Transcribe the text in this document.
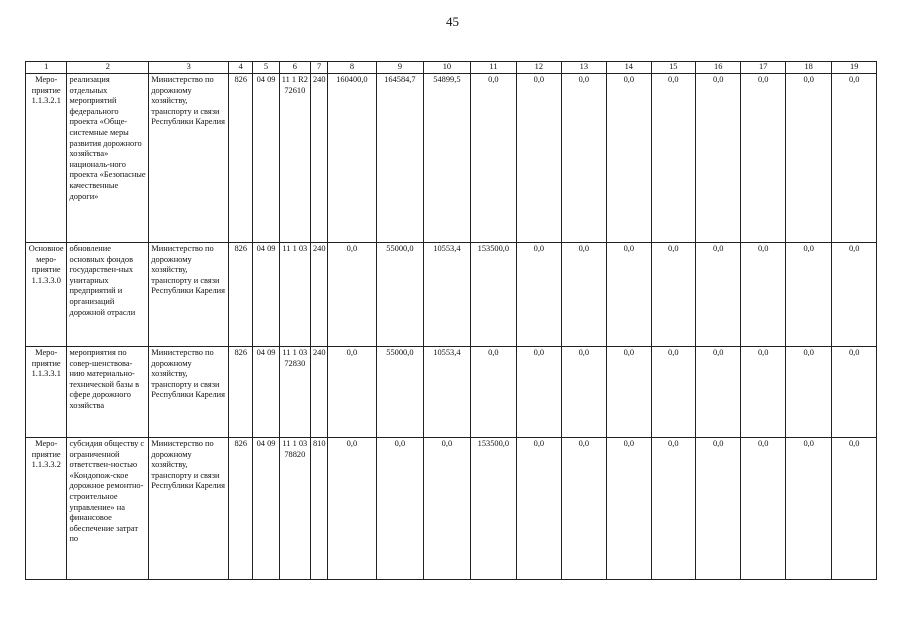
45
1	2	3	4	5	6	7	8	9	10	11	12	13	14	15	16	17	18	19
Меро-приятие 1.1.3.2.1	реализация отдельных мероприятий федерального проекта «Обще-системные меры развития дорожного хозяйства» националь-ного проекта «Безопасные качественные дороги»	Министерство по дорожному хозяйству, транспорту и связи Республики Карелия	826	04 09	11 1 R2 72610	240	160400,0	164584,7	54899,5	0,0	0,0	0,0	0,0	0,0	0,0	0,0	0,0	0,0
Основное меро-приятие 1.1.3.3.0	обновление основных фондов государствен-ных унитарных предприятий и организаций дорожной отрасли	Министерство по дорожному хозяйству, транспорту и связи Республики Карелия	826	04 09	11 1 03	240	0,0	55000,0	10553,4	153500,0	0,0	0,0	0,0	0,0	0,0	0,0	0,0	0,0
Меро-приятие 1.1.3.3.1	мероприятия по совер-шенствова-нию материально-технической базы в сфере дорожного хозяйства	Министерство по дорожному хозяйству, транспорту и связи Республики Карелия	826	04 09	11 1 03 72830	240	0,0	55000,0	10553,4	0,0	0,0	0,0	0,0	0,0	0,0	0,0	0,0	0,0
Меро-приятие 1.1.3.3.2	субсидия обществу с ограниченной ответствен-ностью «Кондопож-ское дорожное ремонтно-строительное управление» на финансовое обеспечение затрат по	Министерство по дорожному хозяйству, транспорту и связи Республики Карелия	826	04 09	11 1 03 78820	810	0,0	0,0	0,0	153500,0	0,0	0,0	0,0	0,0	0,0	0,0	0,0	0,0
